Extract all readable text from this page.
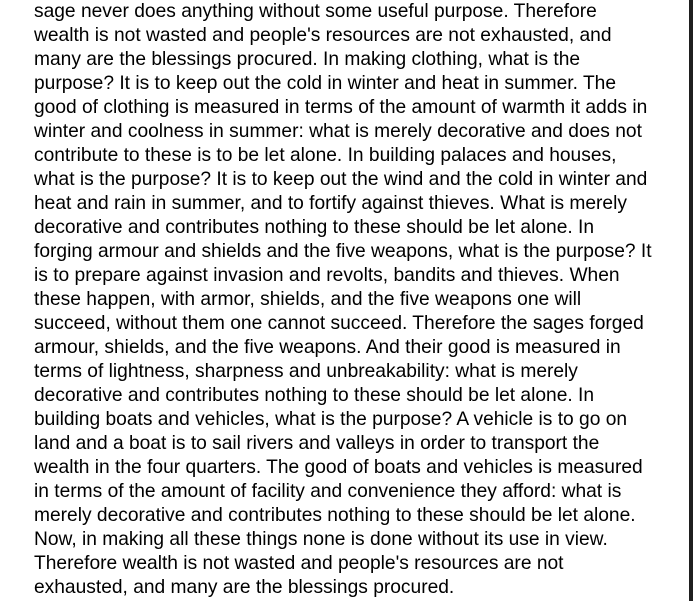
sage never does anything without some useful purpose. Therefore
wealth is not wasted and people's resources are not exhausted, and
many are the blessings procured. In making clothing, what is the
purpose? It is to keep out the cold in winter and heat in summer. The
good of clothing is measured in terms of the amount of warmth it adds in
winter and coolness in summer: what is merely decorative and does not
contribute to these is to be let alone. In building palaces and houses,
what is the purpose? It is to keep out the wind and the cold in winter and
heat and rain in summer, and to fortify against thieves. What is merely
decorative and contributes nothing to these should be let alone. In
forging armour and shields and the five weapons, what is the purpose? It
is to prepare against invasion and revolts, bandits and thieves. When
these happen, with armor, shields, and the five weapons one will
succeed, without them one cannot succeed. Therefore the sages forged
armour, shields, and the five weapons. And their good is measured in
terms of lightness, sharpness and unbreakability: what is merely
decorative and contributes nothing to these should be let alone. In
building boats and vehicles, what is the purpose? A vehicle is to go on
land and a boat is to sail rivers and valleys in order to transport the
wealth in the four quarters. The good of boats and vehicles is measured
in terms of the amount of facility and convenience they afford: what is
merely decorative and contributes nothing to these should be let alone.
Now, in making all these things none is done without its use in view.
Therefore wealth is not wasted and people's resources are not
exhausted, and many are the blessings procured.
